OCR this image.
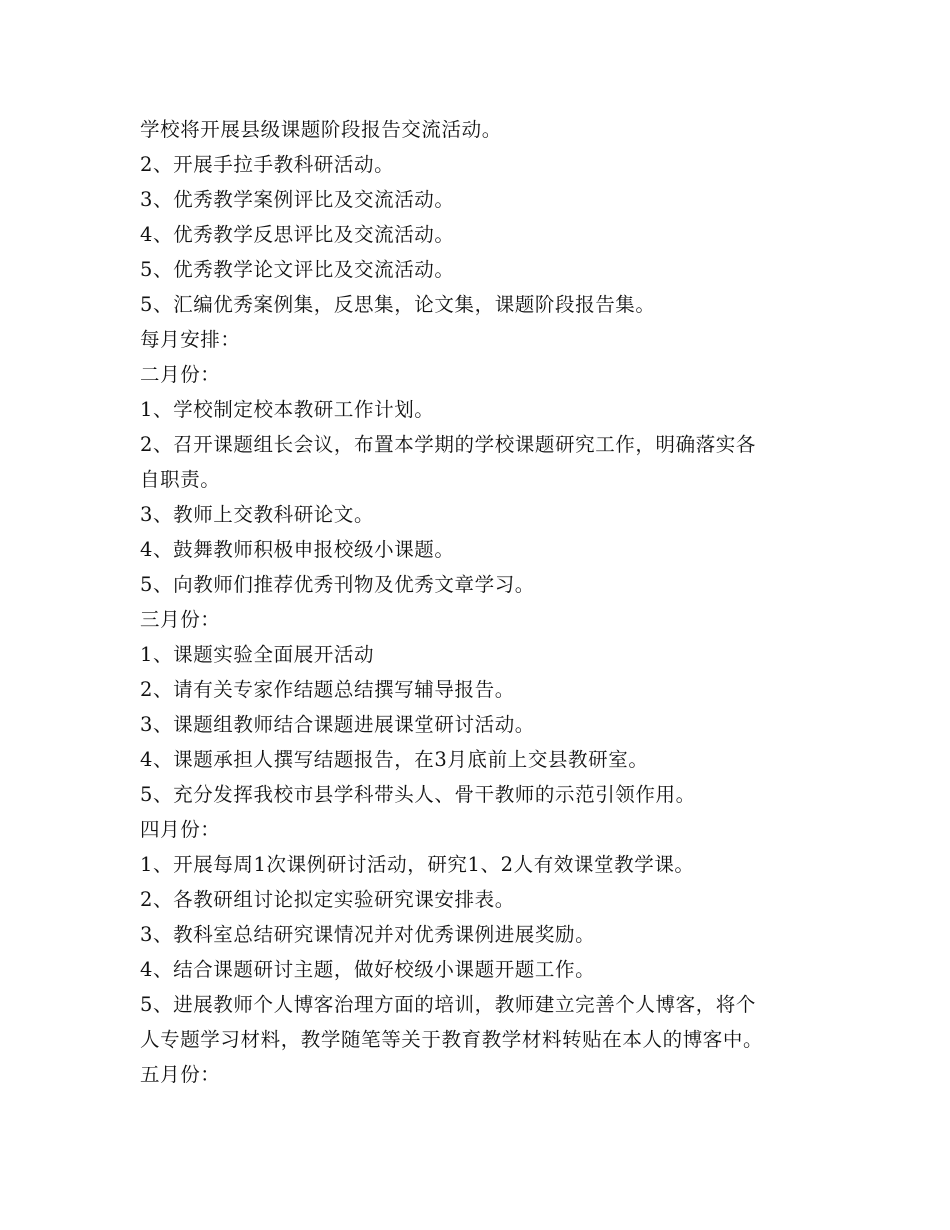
学校将开展县级课题阶段报告交流活动。
2、开展手拉手教科研活动。
3、优秀教学案例评比及交流活动。
4、优秀教学反思评比及交流活动。
5、优秀教学论文评比及交流活动。
5、汇编优秀案例集，反思集，论文集，课题阶段报告集。
每月安排：
二月份：
1、学校制定校本教研工作计划。
2、召开课题组长会议，布置本学期的学校课题研究工作，明确落实各
自职责。
3、教师上交教科研论文。
4、鼓舞教师积极申报校级小课题。
5、向教师们推荐优秀刊物及优秀文章学习。
三月份：
1、课题实验全面展开活动
2、请有关专家作结题总结撰写辅导报告。
3、课题组教师结合课题进展课堂研讨活动。
4、课题承担人撰写结题报告，在3月底前上交县教研室。
5、充分发挥我校市县学科带头人、骨干教师的示范引领作用。
四月份：
1、开展每周1次课例研讨活动，研究1、2人有效课堂教学课。
2、各教研组讨论拟定实验研究课安排表。
3、教科室总结研究课情况并对优秀课例进展奖励。
4、结合课题研讨主题，做好校级小课题开题工作。
5、进展教师个人博客治理方面的培训，教师建立完善个人博客，将个
人专题学习材料，教学随笔等关于教育教学材料转贴在本人的博客中。
五月份：
